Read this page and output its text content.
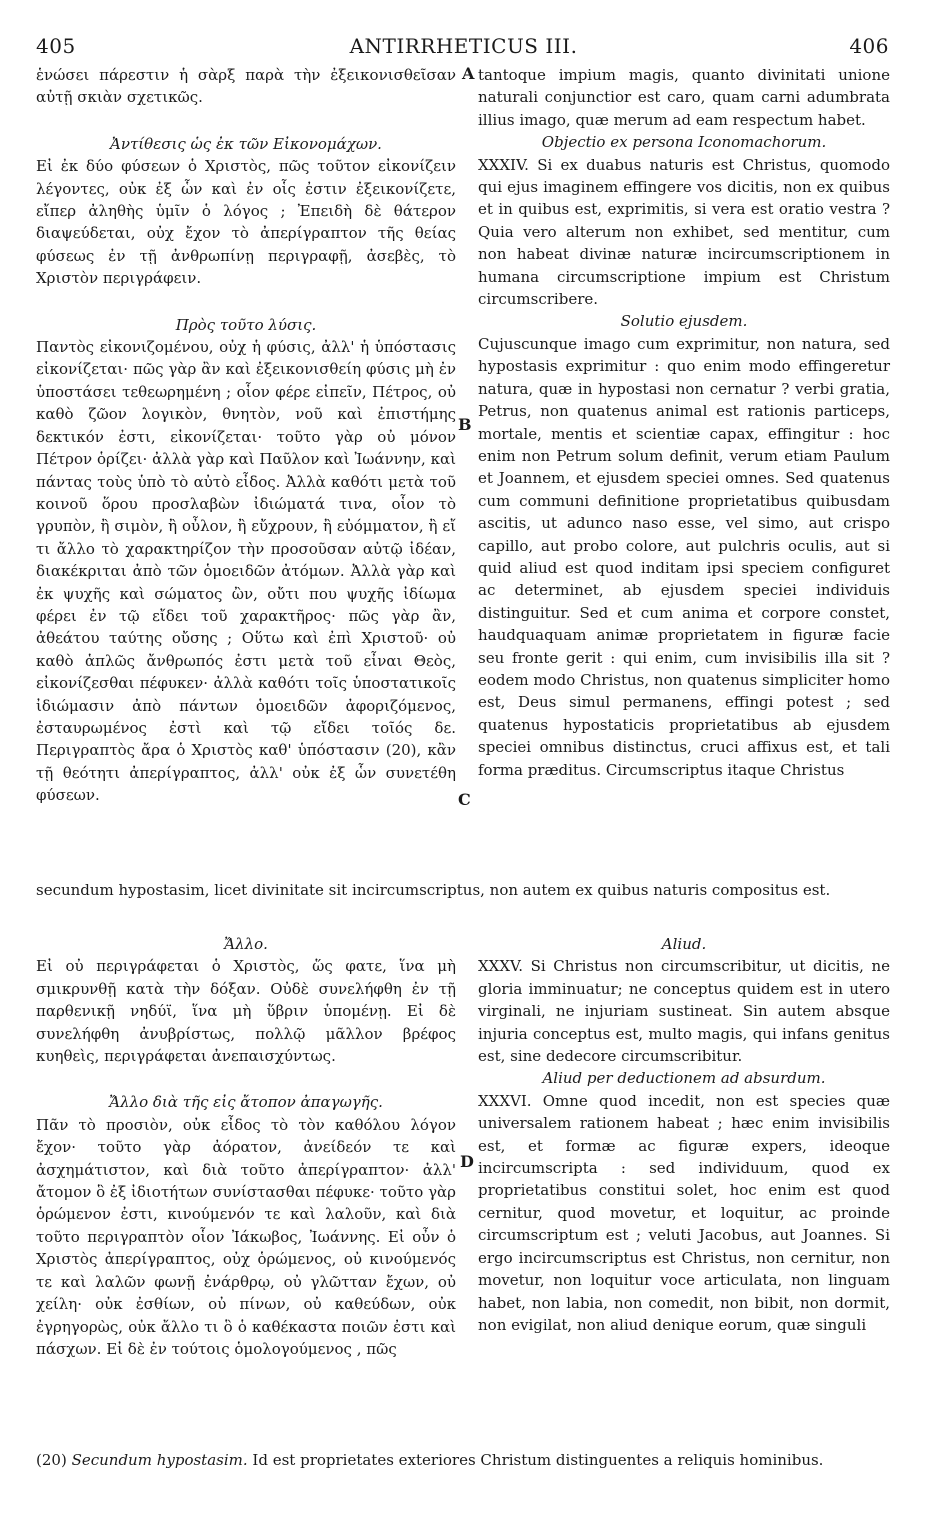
405	ANTIRRHETICUS III.	406

ἑνώσει πάρεστιν ἡ σὰρξ παρὰ τὴν ἐξεικονισθεῖσαν αὐτῇ σκιὰν σχετικῶς.

Ἀντίθεσις ὡς ἐκ τῶν Εἰκονομάχων.

Εἰ ἐκ δύο φύσεων ὁ Χριστὸς, πῶς τοῦτον εἰκονίζειν λέγοντες, οὐκ ἐξ ὧν καὶ ἐν οἷς ἐστιν ἐξεικονίζετε, εἴπερ ἀληθὴς ὑμῖν ὁ λόγος ; Ἐπειδὴ δὲ θάτερον διαψεύδεται, οὐχ ἔχον τὸ ἀπερίγραπτον τῆς θείας φύσεως ἐν τῇ ἀνθρωπίνῃ περιγραφῇ, ἀσεβὲς, τὸ Χριστὸν περιγράφειν.

Πρὸς τοῦτο λύσις.

Παντὸς εἰκονιζομένου, οὐχ ἡ φύσις, ἀλλ' ἡ ὑπόστασις εἰκονίζεται· πῶς γὰρ ἂν καὶ ἐξεικονισθείη φύσις μὴ ἐν ὑποστάσει τεθεωρημένη ; οἷον φέρε εἰπεῖν, Πέτρος, οὐ καθὸ ζῶον λογικὸν, θνητὸν, νοῦ καὶ ἐπιστήμης δεκτικόν ἐστι, εἰκονίζεται· τοῦτο γὰρ οὐ μόνον Πέτρον ὁρίζει· ἀλλὰ γὰρ καὶ Παῦλον καὶ Ἰωάννην, καὶ πάντας τοὺς ὑπὸ τὸ αὐτὸ εἶδος. Ἀλλὰ καθότι μετὰ τοῦ κοινοῦ ὅρου προσλαβὼν ἰδιώματά τινα, οἷον τὸ γρυπὸν, ἢ σιμὸν, ἢ οὖλον, ἢ εὔχρουν, ἢ εὐόμματον, ἢ εἴ τι ἄλλο τὸ χαρακτηρίζον τὴν προσοῦσαν αὐτῷ ἰδέαν, διακέκριται ἀπὸ τῶν ὁμοειδῶν ἀτόμων. Ἀλλὰ γὰρ καὶ ἐκ ψυχῆς καὶ σώματος ὢν, οὔτι που ψυχῆς ἰδίωμα φέρει ἐν τῷ εἴδει τοῦ χαρακτῆρος· πῶς γὰρ ἂν, ἀθεάτου ταύτης οὔσης ; Οὕτω καὶ ἐπὶ Χριστοῦ· οὐ καθὸ ἁπλῶς ἄνθρωπός ἐστι μετὰ τοῦ εἶναι Θεὸς, εἰκονίζεσθαι πέφυκεν· ἀλλὰ καθότι τοῖς ὑποστατικοῖς ἰδιώμασιν ἀπὸ πάντων ὁμοειδῶν ἀφοριζόμενος, ἐσταυρωμένος ἐστὶ καὶ τῷ εἴδει τοῖός δε. Περιγραπτὸς ἄρα ὁ Χριστὸς καθ' ὑπόστασιν (20), κἂν τῇ θεότητι ἀπερίγραπτος, ἀλλ' οὐκ ἐξ ὧν συνετέθη φύσεων.

tantoque impium magis, quanto divinitati unione naturali conjunctior est caro, quam carni adumbrata illius imago, quæ merum ad eam respectum habet.

Objectio ex persona Iconomachorum.

XXXIV. Si ex duabus naturis est Christus, quomodo qui ejus imaginem effingere vos dicitis, non ex quibus et in quibus est, exprimitis, si vera est oratio vestra ? Quia vero alterum non exhibet, sed mentitur, cum non habeat divinæ naturæ incircumscriptionem in humana circumscriptione impium est Christum circumscribere.

Solutio ejusdem.

Cujuscunque imago cum exprimitur, non natura, sed hypostasis exprimitur : quo enim modo effingeretur natura, quæ in hypostasi non cernatur ? verbi gratia, Petrus, non quatenus animal est rationis particeps, mortale, mentis et scientiæ capax, effingitur : hoc enim non Petrum solum definit, verum etiam Paulum et Joannem, et ejusdem speciei omnes. Sed quatenus cum communi definitione proprietatibus quibusdam ascitis, ut adunco naso esse, vel simo, aut crispo capillo, aut probo colore, aut pulchris oculis, aut si quid aliud est quod inditam ipsi speciem configuret ac determinet, ab ejusdem speciei individuis distinguitur. Sed et cum anima et corpore constet, haudquaquam animæ proprietatem in figuræ facie seu fronte gerit : qui enim, cum invisibilis illa sit ? eodem modo Christus, non quatenus simpliciter homo est, Deus simul permanens, effingi potest ; sed quatenus hypostaticis proprietatibus ab ejusdem speciei omnibus distinctus, cruci affixus est, et tali forma præditus. Circumscriptus itaque Christus

secundum hypostasim, licet divinitate sit incircumscriptus, non autem ex quibus naturis compositus est.

Ἄλλο.

Εἰ οὐ περιγράφεται ὁ Χριστὸς, ὥς φατε, ἵνα μὴ σμικρυνθῇ κατὰ τὴν δόξαν. Οὐδὲ συνελήφθη ἐν τῇ παρθενικῇ νηδύϊ, ἵνα μὴ ὕβριν ὑπομένῃ. Εἰ δὲ συνελήφθη ἀνυβρίστως, πολλῷ μᾶλλον βρέφος κυηθεὶς, περιγράφεται ἀνεπαισχύντως.

Ἄλλο διὰ τῆς εἰς ἄτοπον ἀπαγωγῆς.

Πᾶν τὸ προσιὸν, οὐκ εἶδος τὸ τὸν καθόλου λόγον ἔχον· τοῦτο γὰρ ἀόρατον, ἀνείδεόν τε καὶ ἀσχημάτιστον, καὶ διὰ τοῦτο ἀπερίγραπτον· ἀλλ' ἄτομον ὃ ἐξ ἰδιοτήτων συνίστασθαι πέφυκε· τοῦτο γὰρ ὁρώμενον ἐστι, κινούμενόν τε καὶ λαλοῦν, καὶ διὰ τοῦτο περιγραπτὸν οἷον Ἰάκωβος, Ἰωάννης. Εἰ οὖν ὁ Χριστὸς ἀπερίγραπτος, οὐχ ὁρώμενος, οὐ κινούμενός τε καὶ λαλῶν φωνῇ ἐνάρθρῳ, οὐ γλῶτταν ἔχων, οὐ χείλη· οὐκ ἐσθίων, οὐ πίνων, οὐ καθεύδων, οὐκ ἐγρηγορὼς, οὐκ ἄλλο τι ὃ ὁ καθέκαστα ποιῶν ἐστι καὶ πάσχων. Εἰ δὲ ἐν τούτοις ὁμολογούμενος , πῶς

Aliud.

XXXV. Si Christus non circumscribitur, ut dicitis, ne gloria imminuatur; ne conceptus quidem est in utero virginali, ne injuriam sustineat. Sin autem absque injuria conceptus est, multo magis, qui infans genitus est, sine dedecore circumscribitur.

Aliud per deductionem ad absurdum.

XXXVI. Omne quod incedit, non est species quæ universalem rationem habeat ; hæc enim invisibilis est, et formæ ac figuræ expers, ideoque incircumscripta : sed individuum, quod ex proprietatibus constitui solet, hoc enim est quod cernitur, quod movetur, et loquitur, ac proinde circumscriptum est ; veluti Jacobus, aut Joannes. Si ergo incircumscriptus est Christus, non cernitur, non movetur, non loquitur voce articulata, non linguam habet, non labia, non comedit, non bibit, non dormit, non evigilat, non aliud denique eorum, quæ singuli

A
B
C
D

(20) Secundum hypostasim. Id est proprietates exteriores Christum distinguentes a reliquis hominibus.
